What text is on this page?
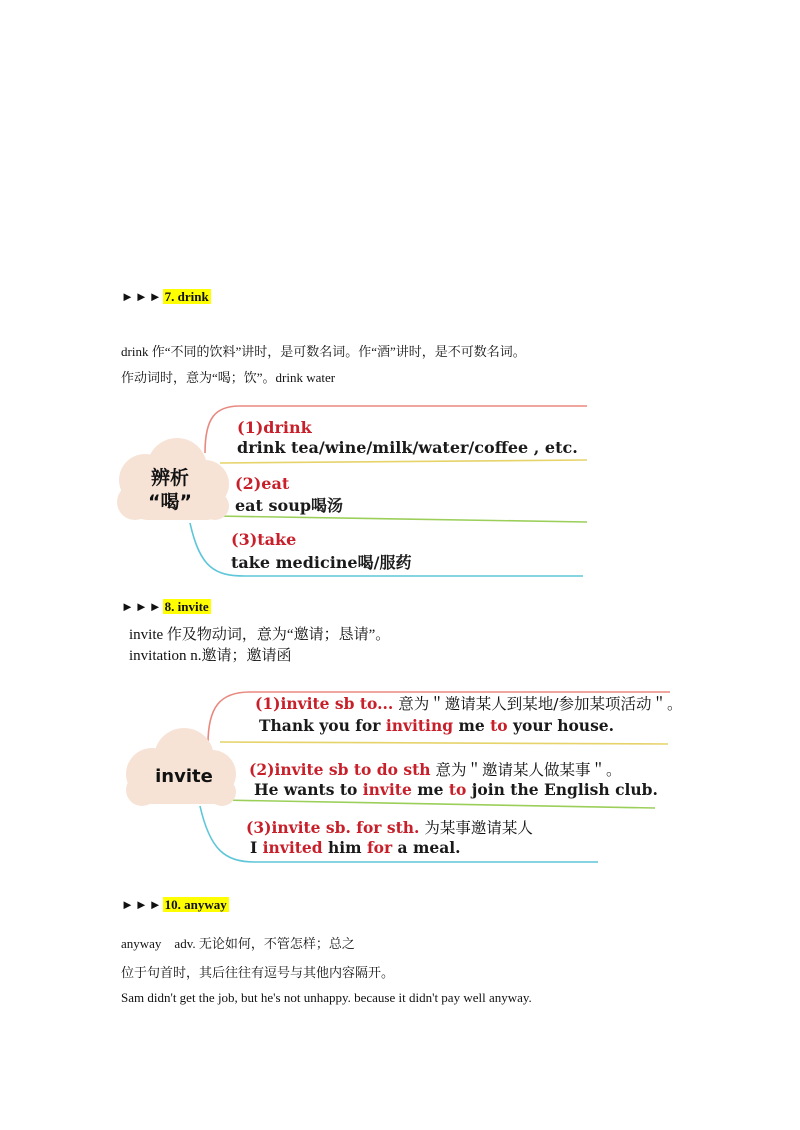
►►► 7. drink
drink 作“不同的饮料”讲时，是可数名词。作“酒”讲时，是不可数名词。
作动词时，意为“喝；饮”。drink water
辨析
“喝”
(1)drink
drink tea/wine/milk/water/coffee , etc.
(2)eat
eat soup喝汤
(3)take
take medicine喝/服药
►►► 8. invite
invite 作及物动词，意为“邀请；恳请”。
invitation n.邀请；邀请函
invite
(1)invite sb to... 意为＂邀请某人到某地/参加某项活动＂。
Thank you for inviting me to your house.
(2)invite sb to do sth 意为＂邀请某人做某事＂。
He wants to invite me to join the English club.
(3)invite sb. for sth. 为某事邀请某人
I invited him for a meal.
►►► 10. anyway
anyway    adv. 无论如何，不管怎样；总之
位于句首时，其后往往有逗号与其他内容隔开。
Sam didn't get the job, but he's not unhappy. because it didn't pay well anyway.
